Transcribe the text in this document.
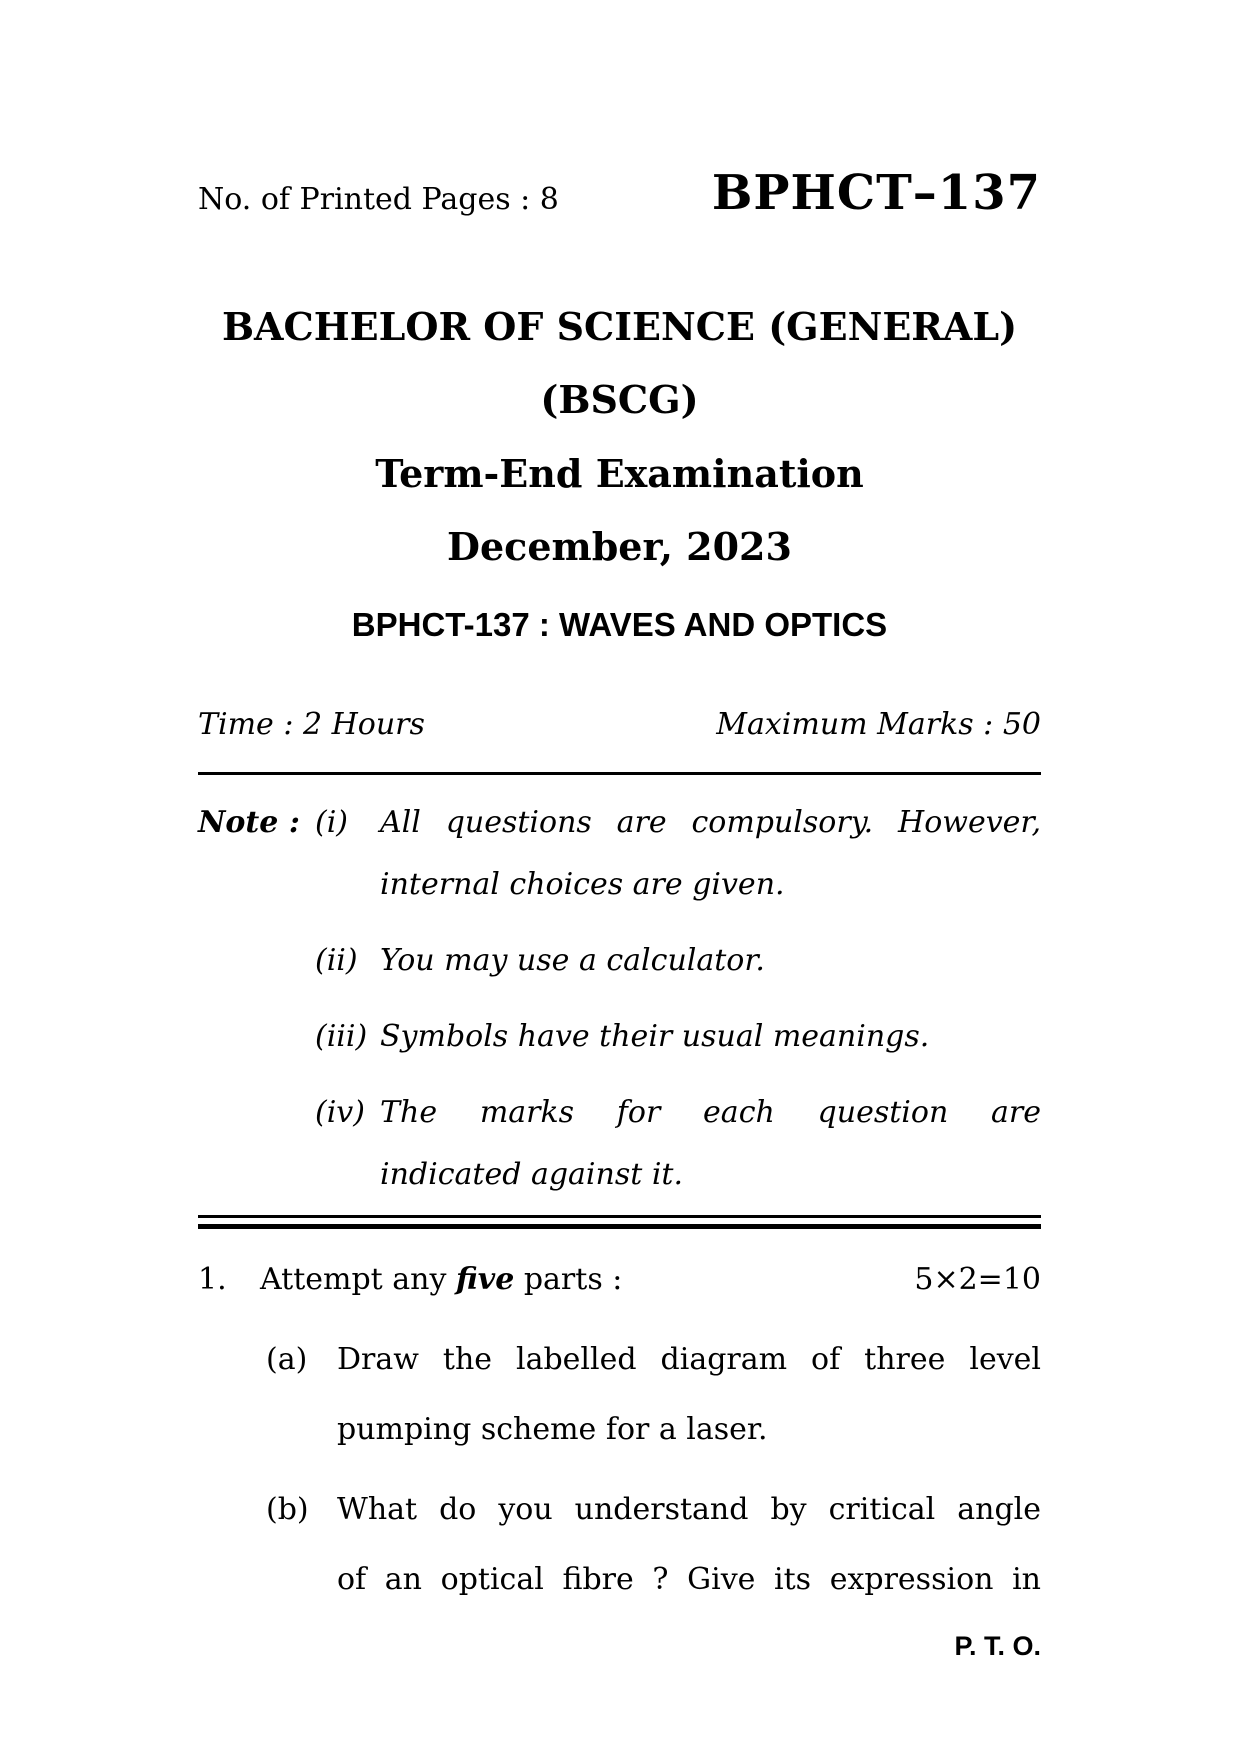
No. of Printed Pages : 8	BPHCT–137
BACHELOR OF SCIENCE (GENERAL)
(BSCG)
Term-End Examination
December, 2023
BPHCT-137 : WAVES AND OPTICS
Time : 2 Hours	Maximum Marks : 50
Note : (i)	All questions are compulsory. However,
internal choices are given.
(ii) You may use a calculator.
(iii) Symbols have their usual meanings.
(iv) The marks for each question are
indicated against it.
1.	Attempt any five parts :	5×2=10
(a) Draw the labelled diagram of three level
pumping scheme for a laser.
(b) What do you understand by critical angle
of an optical fibre ? Give its expression in
P. T. O.
